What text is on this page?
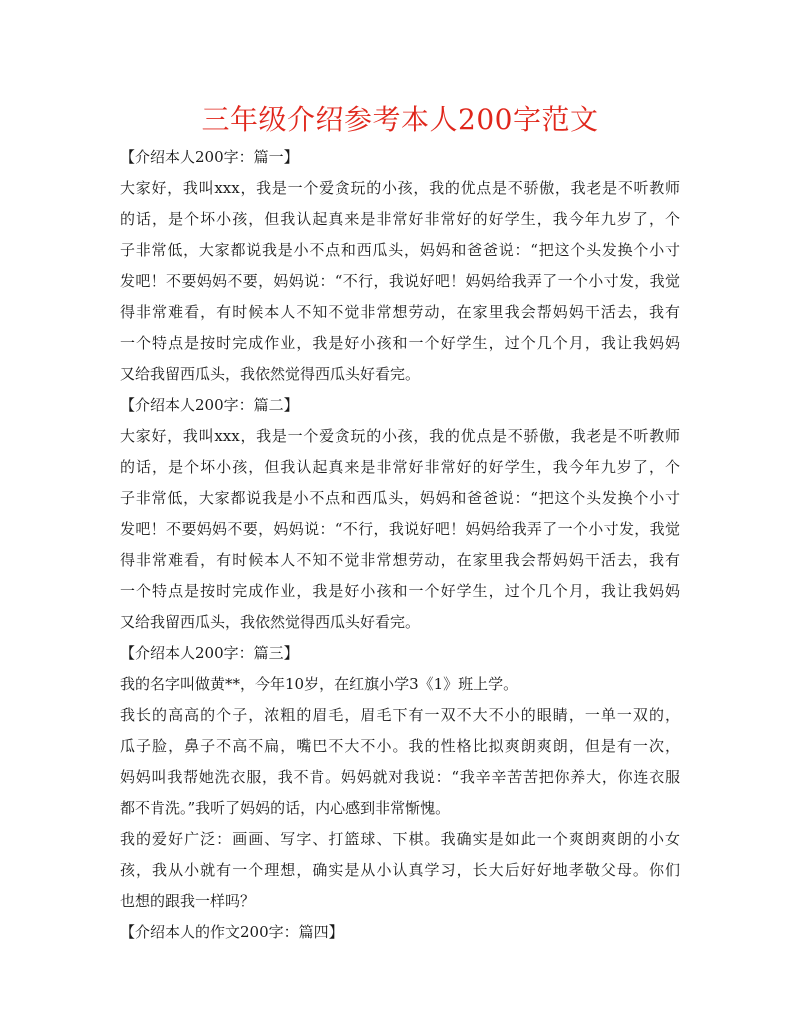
三年级介绍参考本人200字范文
【介绍本人200字：篇一】
大家好，我叫xxx，我是一个爱贪玩的小孩，我的优点是不骄傲，我老是不听教师
的话，是个坏小孩，但我认起真来是非常好非常好的好学生，我今年九岁了，个
子非常低，大家都说我是小不点和西瓜头，妈妈和爸爸说：“把这个头发换个小寸
发吧！不要妈妈不要，妈妈说：“不行，我说好吧！妈妈给我弄了一个小寸发，我觉
得非常难看，有时候本人不知不觉非常想劳动，在家里我会帮妈妈干活去，我有
一个特点是按时完成作业，我是好小孩和一个好学生，过个几个月，我让我妈妈
又给我留西瓜头，我依然觉得西瓜头好看完。
【介绍本人200字：篇二】
大家好，我叫xxx，我是一个爱贪玩的小孩，我的优点是不骄傲，我老是不听教师
的话，是个坏小孩，但我认起真来是非常好非常好的好学生，我今年九岁了，个
子非常低，大家都说我是小不点和西瓜头，妈妈和爸爸说：“把这个头发换个小寸
发吧！不要妈妈不要，妈妈说：“不行，我说好吧！妈妈给我弄了一个小寸发，我觉
得非常难看，有时候本人不知不觉非常想劳动，在家里我会帮妈妈干活去，我有
一个特点是按时完成作业，我是好小孩和一个好学生，过个几个月，我让我妈妈
又给我留西瓜头，我依然觉得西瓜头好看完。
【介绍本人200字：篇三】
我的名字叫做黄**，今年10岁，在红旗小学3《1》班上学。
我长的高高的个子，浓粗的眉毛，眉毛下有一双不大不小的眼睛，一单一双的，
瓜子脸，鼻子不高不扁，嘴巴不大不小。我的性格比拟爽朗爽朗，但是有一次，
妈妈叫我帮她洗衣服，我不肯。妈妈就对我说：“我辛辛苦苦把你养大，你连衣服
都不肯洗。”我听了妈妈的话，内心感到非常惭愧。
我的爱好广泛：画画、写字、打篮球、下棋。我确实是如此一个爽朗爽朗的小女
孩，我从小就有一个理想，确实是从小认真学习，长大后好好地孝敬父母。你们
也想的跟我一样吗？
【介绍本人的作文200字：篇四】
